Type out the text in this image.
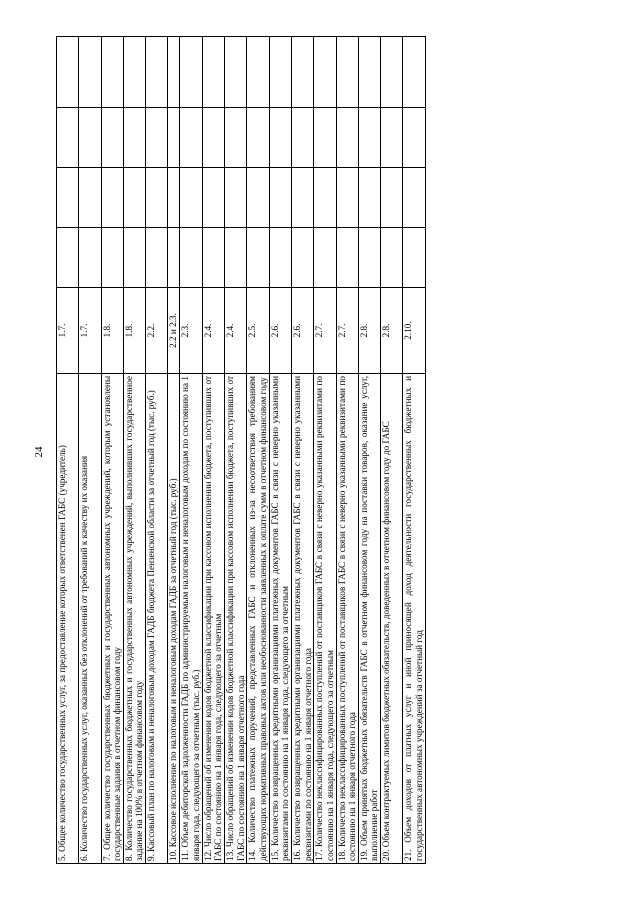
24 5. Общее количество государственных услуг, за предоставление которых ответственен ГАБС (учредитель)	1.7.				
6. Количество государственных услуг, оказанных без отклонений от требований к качеству их оказания	1.7.				
7. Общее количество государственных бюджетных и государственных автономных учреждений, которым установлены государственные задания в отчетном финансовом году	1.8.				
8. Количество государственных бюджетных и государственных автономных учреждений, выполнивших государственное задание на 100% в отчетном финансовом году	1.8.				
9. Кассовый план по налоговым и неналоговым доходам ГАДБ бюджета Пензенской области за отчетный год (тыс. руб.)	2.2.				
10. Кассовое исполнение по налоговым и неналоговым доходам ГАДБ за отчетный год (тыс. руб.)	2.2 и 2.3.				
11. Объем дебиторской задолженности ГАДБ по администрируемым налоговым и неналоговым доходам по состоянию на 1 января года, следующего за отчетным (тыс. руб.)	2.3.				
12. Число обращений об изменении кодов бюджетной классификации при кассовом исполнении бюджета, поступивших от ГАБС по состоянию на 1 января года, следующего за отчетным	2.4.				
13. Число обращений об изменении кодов бюджетной классификации при кассовом исполнении бюджета, поступивших от ГАБС по состоянию на 1 января отчетного года	2.4.				
14. Количество платежных поручений, представленных ГАБС и отклоненных из-за несоответствия требованиям действующих нормативных правовых актов или необоснованности заявленных к оплате сумм в отчетном финансовом году	2.5.				
15. Количество возвращенных кредитными организациями платежных документов ГАБС в связи с неверно указанными реквизитами по состоянию на 1 января года, следующего за отчетным	2.6.				
16. Количество возвращенных кредитными организациями платежных документов ГАБС в связи с неверно указанными реквизитами по состоянию на 1 января отчетного года	2.6.				
17. Количество неклассифицированных поступлений от поставщиков ГАБС в связи с неверно указанными реквизитами по состоянию на 1 января года, следующего за отчетным	2.7.				
18. Количество неклассифицированных поступлений от поставщиков ГАБС в связи с неверно указанными реквизитами по состоянию на 1 января отчетного года	2.7.				
19. Объем принятых бюджетных обязательств ГАБС в отчетном финансовом году на поставки товаров, оказание услуг, выполнение работ	2.8.				
20. Объем контрактуемых лимитов бюджетных обязательств, доведенных в отчетном финансовом году до ГАБС	2.8.				
21. Объем доходов от платных услуг и иной приносящей доход деятельности государственных бюджетных и государственных автономных учреждений за отчетный год	2.10.				
